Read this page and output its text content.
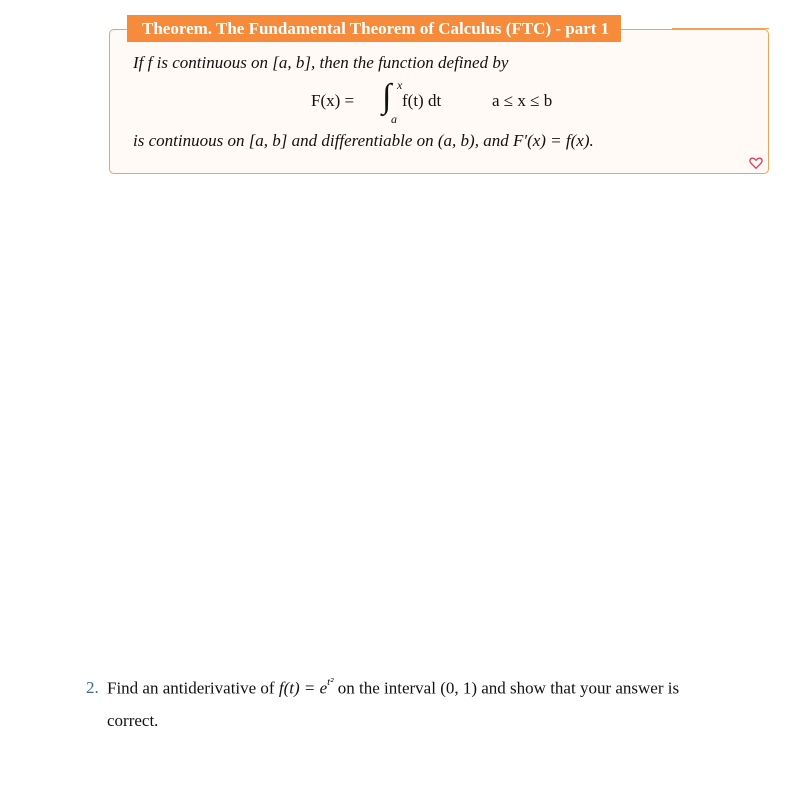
Theorem. The Fundamental Theorem of Calculus (FTC) - part 1
If f is continuous on [a, b], then the function defined by
F(x) = ∫ x
a
f(t) dt	a ≤ x ≤ b
is continuous on [a, b] and differentiable on (a, b), and F′(x) = f(x).
2. Find an antiderivative of $f(t) = e^{t^2}$ on the interval (0, 1) and show that your answer is
correct.
